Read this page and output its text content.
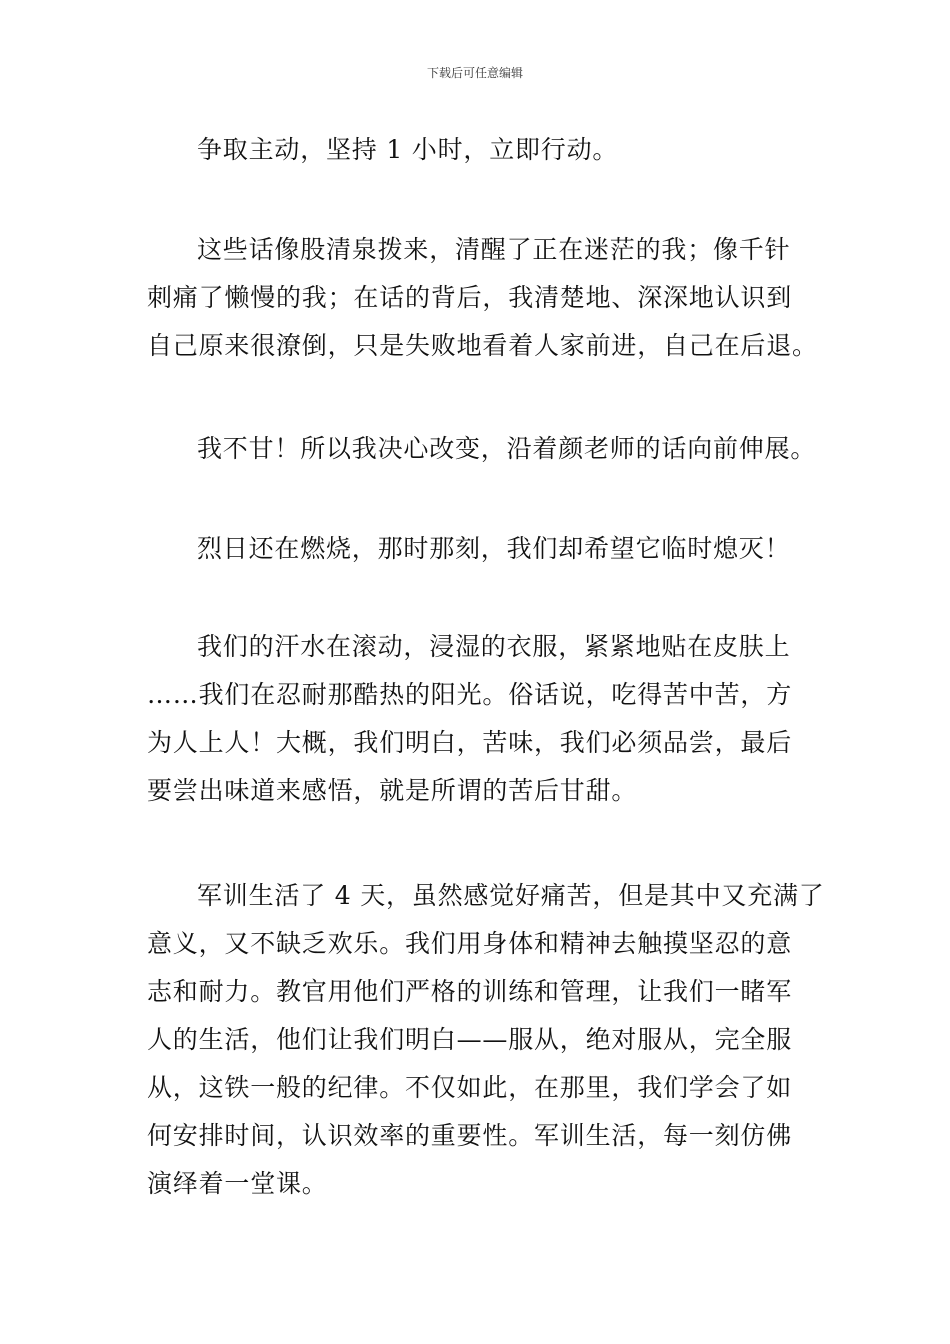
下载后可任意编辑

争取主动，坚持 1 小时，立即行动。

这些话像股清泉拨来，清醒了正在迷茫的我；像千针
刺痛了懒慢的我；在话的背后，我清楚地、深深地认识到
自己原来很潦倒，只是失败地看着人家前进，自己在后退。

我不甘！所以我决心改变，沿着颜老师的话向前伸展。

烈日还在燃烧，那时那刻，我们却希望它临时熄灭！

我们的汗水在滚动，浸湿的衣服，紧紧地贴在皮肤上
……我们在忍耐那酷热的阳光。俗话说，吃得苦中苦，方
为人上人！大概，我们明白，苦味，我们必须品尝，最后
要尝出味道来感悟，就是所谓的苦后甘甜。

军训生活了 4 天，虽然感觉好痛苦，但是其中又充满了
意义，又不缺乏欢乐。我们用身体和精神去触摸坚忍的意
志和耐力。教官用他们严格的训练和管理，让我们一睹军
人的生活，他们让我们明白——服从，绝对服从，完全服
从，这铁一般的纪律。不仅如此，在那里，我们学会了如
何安排时间，认识效率的重要性。军训生活，每一刻仿佛
演绎着一堂课。
